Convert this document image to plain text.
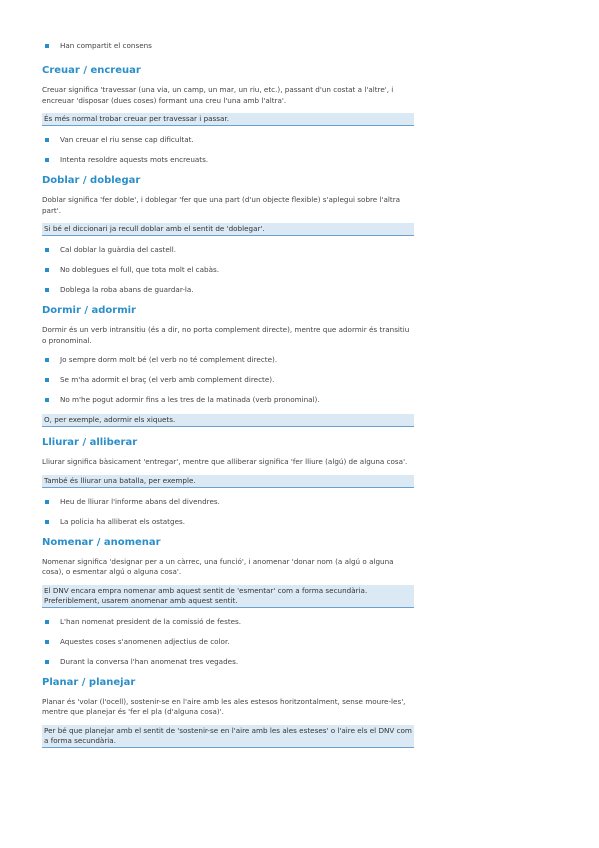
Han compartit el consens
Creuar / encreuar

Creuar significa 'travessar (una via, un camp, un mar, un riu, etc.), passant d'un costat a l'altre', i encreuar 'disposar (dues coses) formant una creu l'una amb l'altra'.

És més normal trobar creuar per travessar i passar.
Van creuar el riu sense cap dificultat.
Intenta resoldre aquests mots encreuats.
Doblar / doblegar

Doblar significa 'fer doble', i doblegar 'fer que una part (d'un objecte flexible) s'aplegui sobre l'altra part'.

Si bé el diccionari ja recull doblar amb el sentit de 'doblegar'.
Cal doblar la guàrdia del castell.
No doblegues el full, que tota molt el cabàs.
Doblega la roba abans de guardar-la.
Dormir / adormir

Dormir és un verb intransitiu (és a dir, no porta complement directe), mentre que adormir és transitiu o pronominal.

Jo sempre dorm molt bé (el verb no té complement directe).
Se m'ha adormit el braç (el verb amb complement directe).
No m'he pogut adormir fins a les tres de la matinada (verb pronominal).
O, per exemple, adormir els xiquets.
Lliurar / alliberar

Lliurar significa bàsicament 'entregar', mentre que alliberar significa 'fer lliure (algú) de alguna cosa'.

També és lliurar una batalla, per exemple.
Heu de lliurar l'informe abans del divendres.
La policia ha alliberat els ostatges.
Nomenar / anomenar

Nomenar significa 'designar per a un càrrec, una funció', i anomenar 'donar nom (a algú o alguna cosa), o esmentar algú o alguna cosa'.

El DNV encara empra nomenar amb aquest sentit de 'esmentar' com a forma secundària. Preferiblement, usarem anomenar amb aquest sentit.
L'han nomenat president de la comissió de festes.
Aquestes coses s'anomenen adjectius de color.
Durant la conversa l'han anomenat tres vegades.
Planar / planejar

Planar és 'volar (l'ocell), sostenir-se en l'aire amb les ales estesos horitzontalment, sense moure-les', mentre que planejar és 'fer el pla (d'alguna cosa)'.

Per bé que planejar amb el sentit de 'sostenir-se en l'aire amb les ales esteses' o l'aire els el DNV com a forma secundària.
